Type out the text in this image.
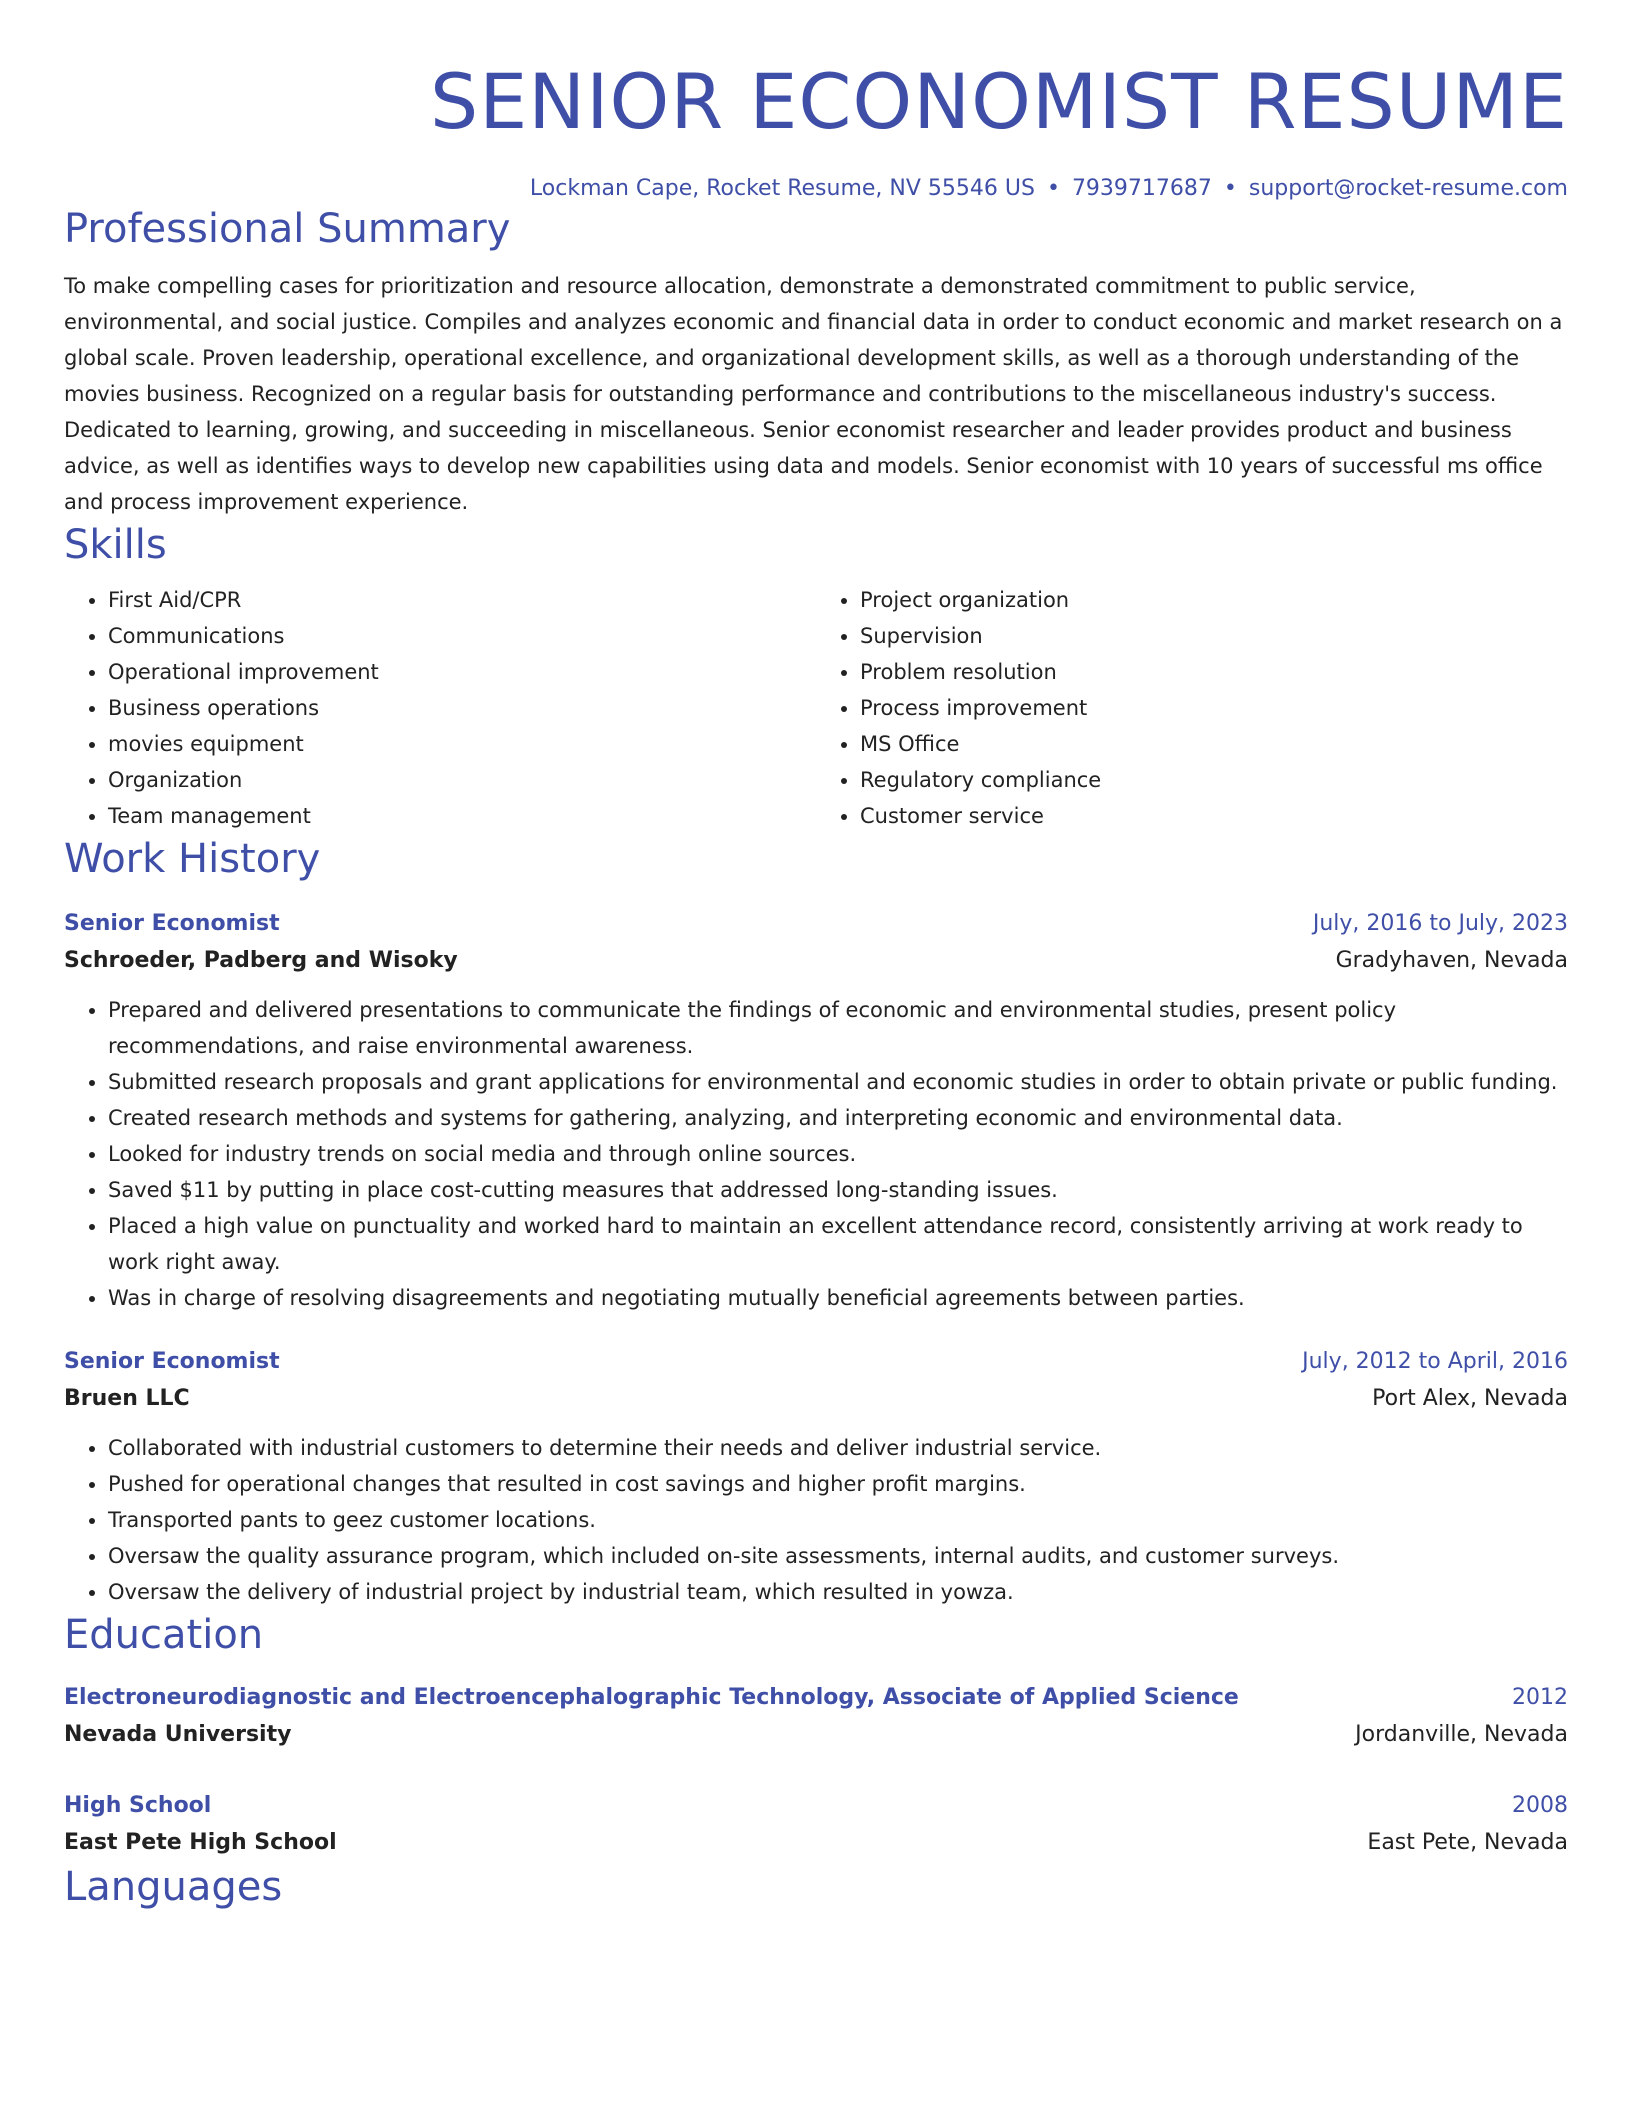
SENIOR ECONOMIST RESUME
Lockman Cape, Rocket Resume, NV 55546 US • 7939717687 • support@rocket-resume.com
Professional Summary
To make compelling cases for prioritization and resource allocation, demonstrate a demonstrated commitment to public service, environmental, and social justice. Compiles and analyzes economic and financial data in order to conduct economic and market research on a global scale. Proven leadership, operational excellence, and organizational development skills, as well as a thorough understanding of the movies business. Recognized on a regular basis for outstanding performance and contributions to the miscellaneous industry's success. Dedicated to learning, growing, and succeeding in miscellaneous. Senior economist researcher and leader provides product and business advice, as well as identifies ways to develop new capabilities using data and models. Senior economist with 10 years of successful ms office and process improvement experience.
Skills
• First Aid/CPR
• Communications
• Operational improvement
• Business operations
• movies equipment
• Organization
• Team management
• Project organization
• Supervision
• Problem resolution
• Process improvement
• MS Office
• Regulatory compliance
• Customer service
Work History
Senior Economist	July, 2016 to July, 2023
Schroeder, Padberg and Wisoky	Gradyhaven, Nevada
• Prepared and delivered presentations to communicate the findings of economic and environmental studies, present policy recommendations, and raise environmental awareness.
• Submitted research proposals and grant applications for environmental and economic studies in order to obtain private or public funding.
• Created research methods and systems for gathering, analyzing, and interpreting economic and environmental data.
• Looked for industry trends on social media and through online sources.
• Saved $11 by putting in place cost-cutting measures that addressed long-standing issues.
• Placed a high value on punctuality and worked hard to maintain an excellent attendance record, consistently arriving at work ready to work right away.
• Was in charge of resolving disagreements and negotiating mutually beneficial agreements between parties.
Senior Economist	July, 2012 to April, 2016
Bruen LLC	Port Alex, Nevada
• Collaborated with industrial customers to determine their needs and deliver industrial service.
• Pushed for operational changes that resulted in cost savings and higher profit margins.
• Transported pants to geez customer locations.
• Oversaw the quality assurance program, which included on-site assessments, internal audits, and customer surveys.
• Oversaw the delivery of industrial project by industrial team, which resulted in yowza.
Education
Electroneurodiagnostic and Electroencephalographic Technology, Associate of Applied Science	2012
Nevada University	Jordanville, Nevada
High School	2008
East Pete High School	East Pete, Nevada
Languages
